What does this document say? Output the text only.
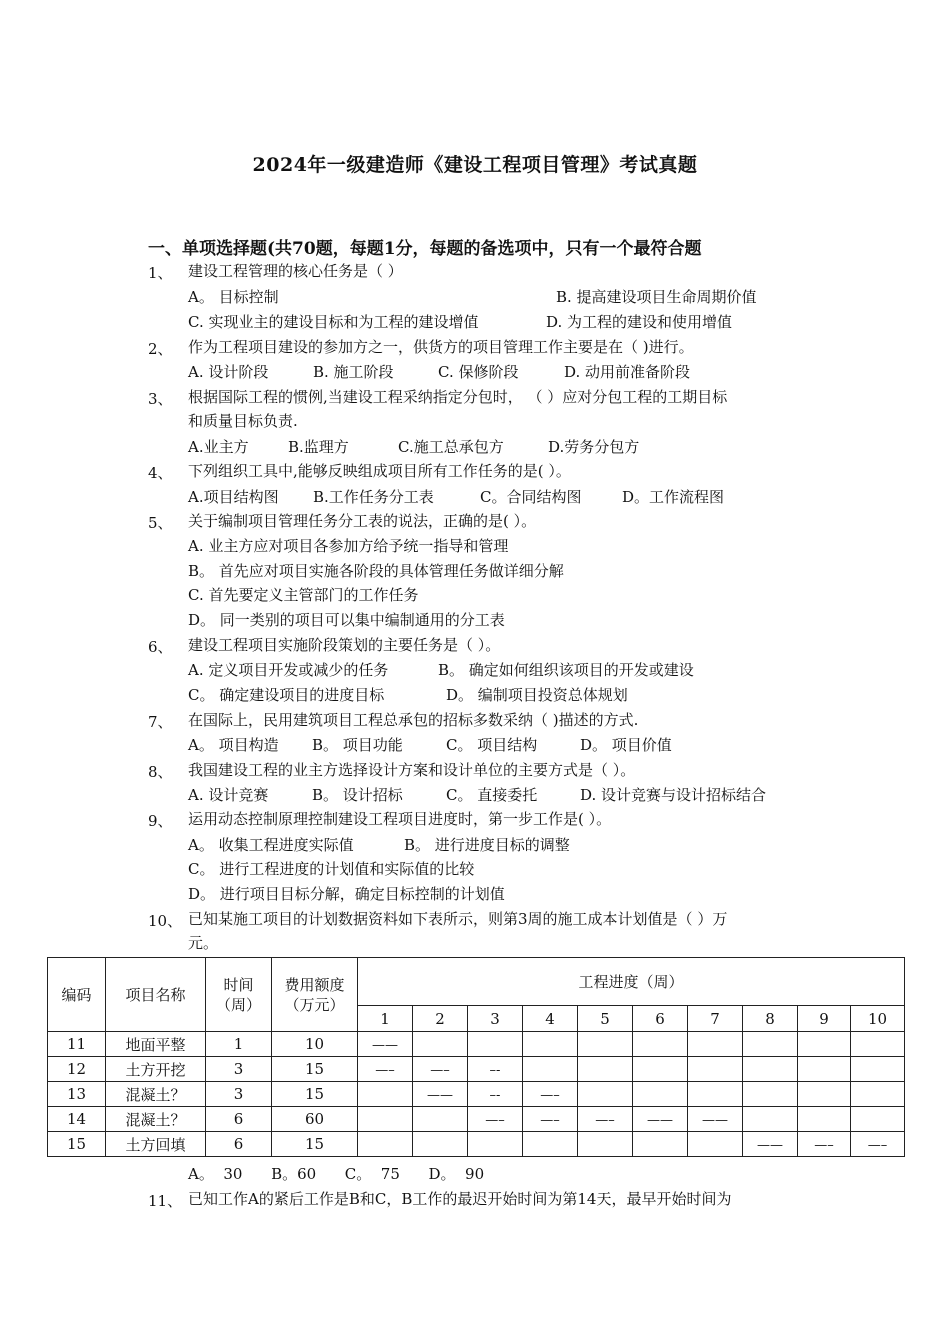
2024年一级建造师《建设工程项目管理》考试真题
一、单项选择题(共70题，每题1分，每题的备选项中，只有一个最符合题
1、 建设工程管理的核心任务是（ ）
A。 目标控制	B. 提高建设项目生命周期价值
C. 实现业主的建设目标和为工程的建设增值	D. 为工程的建设和使用增值
2、 作为工程项目建设的参加方之一，供货方的项目管理工作主要是在（ )进行。
A. 设计阶段	B. 施工阶段	C. 保修阶段	D. 动用前准备阶段
3、 根据国际工程的惯例,当建设工程采纳指定分包时， （ ）应对分包工程的工期目标
和质量目标负责.
A.业主方	B.监理方	C.施工总承包方	D.劳务分包方
4、 下列组织工具中,能够反映组成项目所有工作任务的是( ）。
A.项目结构图 B.工作任务分工表	C。合同结构图	D。工作流程图
5、 关于编制项目管理任务分工表的说法，正确的是( ）。
A. 业主方应对项目各参加方给予统一指导和管理
B。 首先应对项目实施各阶段的具体管理任务做详细分解
C. 首先要定义主管部门的工作任务
D。 同一类别的项目可以集中编制通用的分工表
6、 建设工程项目实施阶段策划的主要任务是（ ）。
A. 定义项目开发或减少的任务	B。 确定如何组织该项目的开发或建设
C。 确定建设项目的进度目标	D。 编制项目投资总体规划
7、 在国际上，民用建筑项目工程总承包的招标多数采纳（ )描述的方式.
A。 项目构造 B。 项目功能	C。 项目结构	D。 项目价值
8、 我国建设工程的业主方选择设计方案和设计单位的主要方式是（ ）。
A. 设计竞赛	B。 设计招标	C。 直接委托	D. 设计竞赛与设计招标结合
9、 运用动态控制原理控制建设工程项目进度时，第一步工作是( ）。
A。 收集工程进度实际值	B。 进行进度目标的调整
C。 进行工程进度的计划值和实际值的比较
D。 进行项目目标分解，确定目标控制的计划值
10、 已知某施工项目的计划数据资料如下表所示，则第3周的施工成本计划值是（ ）万
元。
编码	项目名称	时间（周）	费用额度（万元）	工程进度（周）									
				1	2	3	4	5	6	7	8	9	10
11	地面平整	1	10	——									
12	土方开挖	3	15	—–	—–	–-							
13	混凝土？	3	15		——	–-	—–						
14	混凝土？	6	60			—–	—–	—–	——	——			
15	土方回填	6	15								——	—–	—–
A。  30      B。60      C。  75      D。  90
11、 已知工作A的紧后工作是B和C，B工作的最迟开始时间为第14天，最早开始时间为
